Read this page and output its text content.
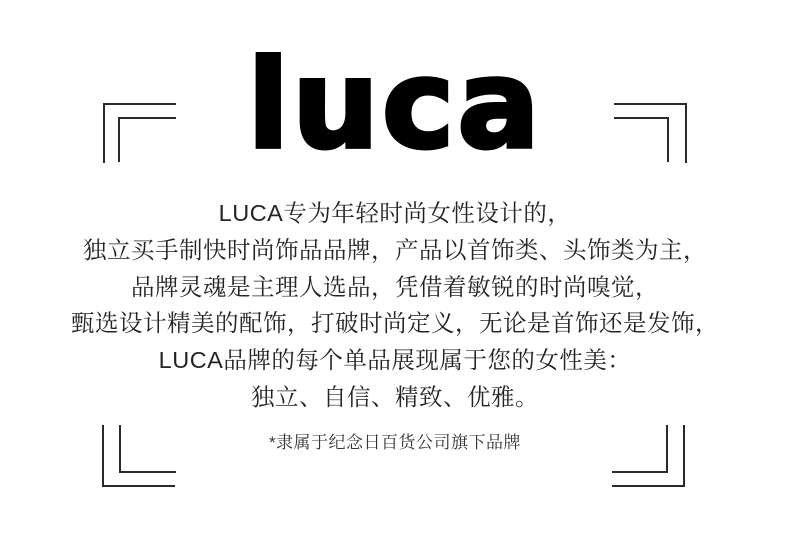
luca

LUCA专为年轻时尚女性设计的，

独立买手制快时尚饰品品牌，产品以首饰类、头饰类为主，

品牌灵魂是主理人选品，凭借着敏锐的时尚嗅觉，

甄选设计精美的配饰，打破时尚定义，无论是首饰还是发饰，

LUCA品牌的每个单品展现属于您的女性美：

独立、自信、精致、优雅。

*隶属于纪念日百货公司旗下品牌
